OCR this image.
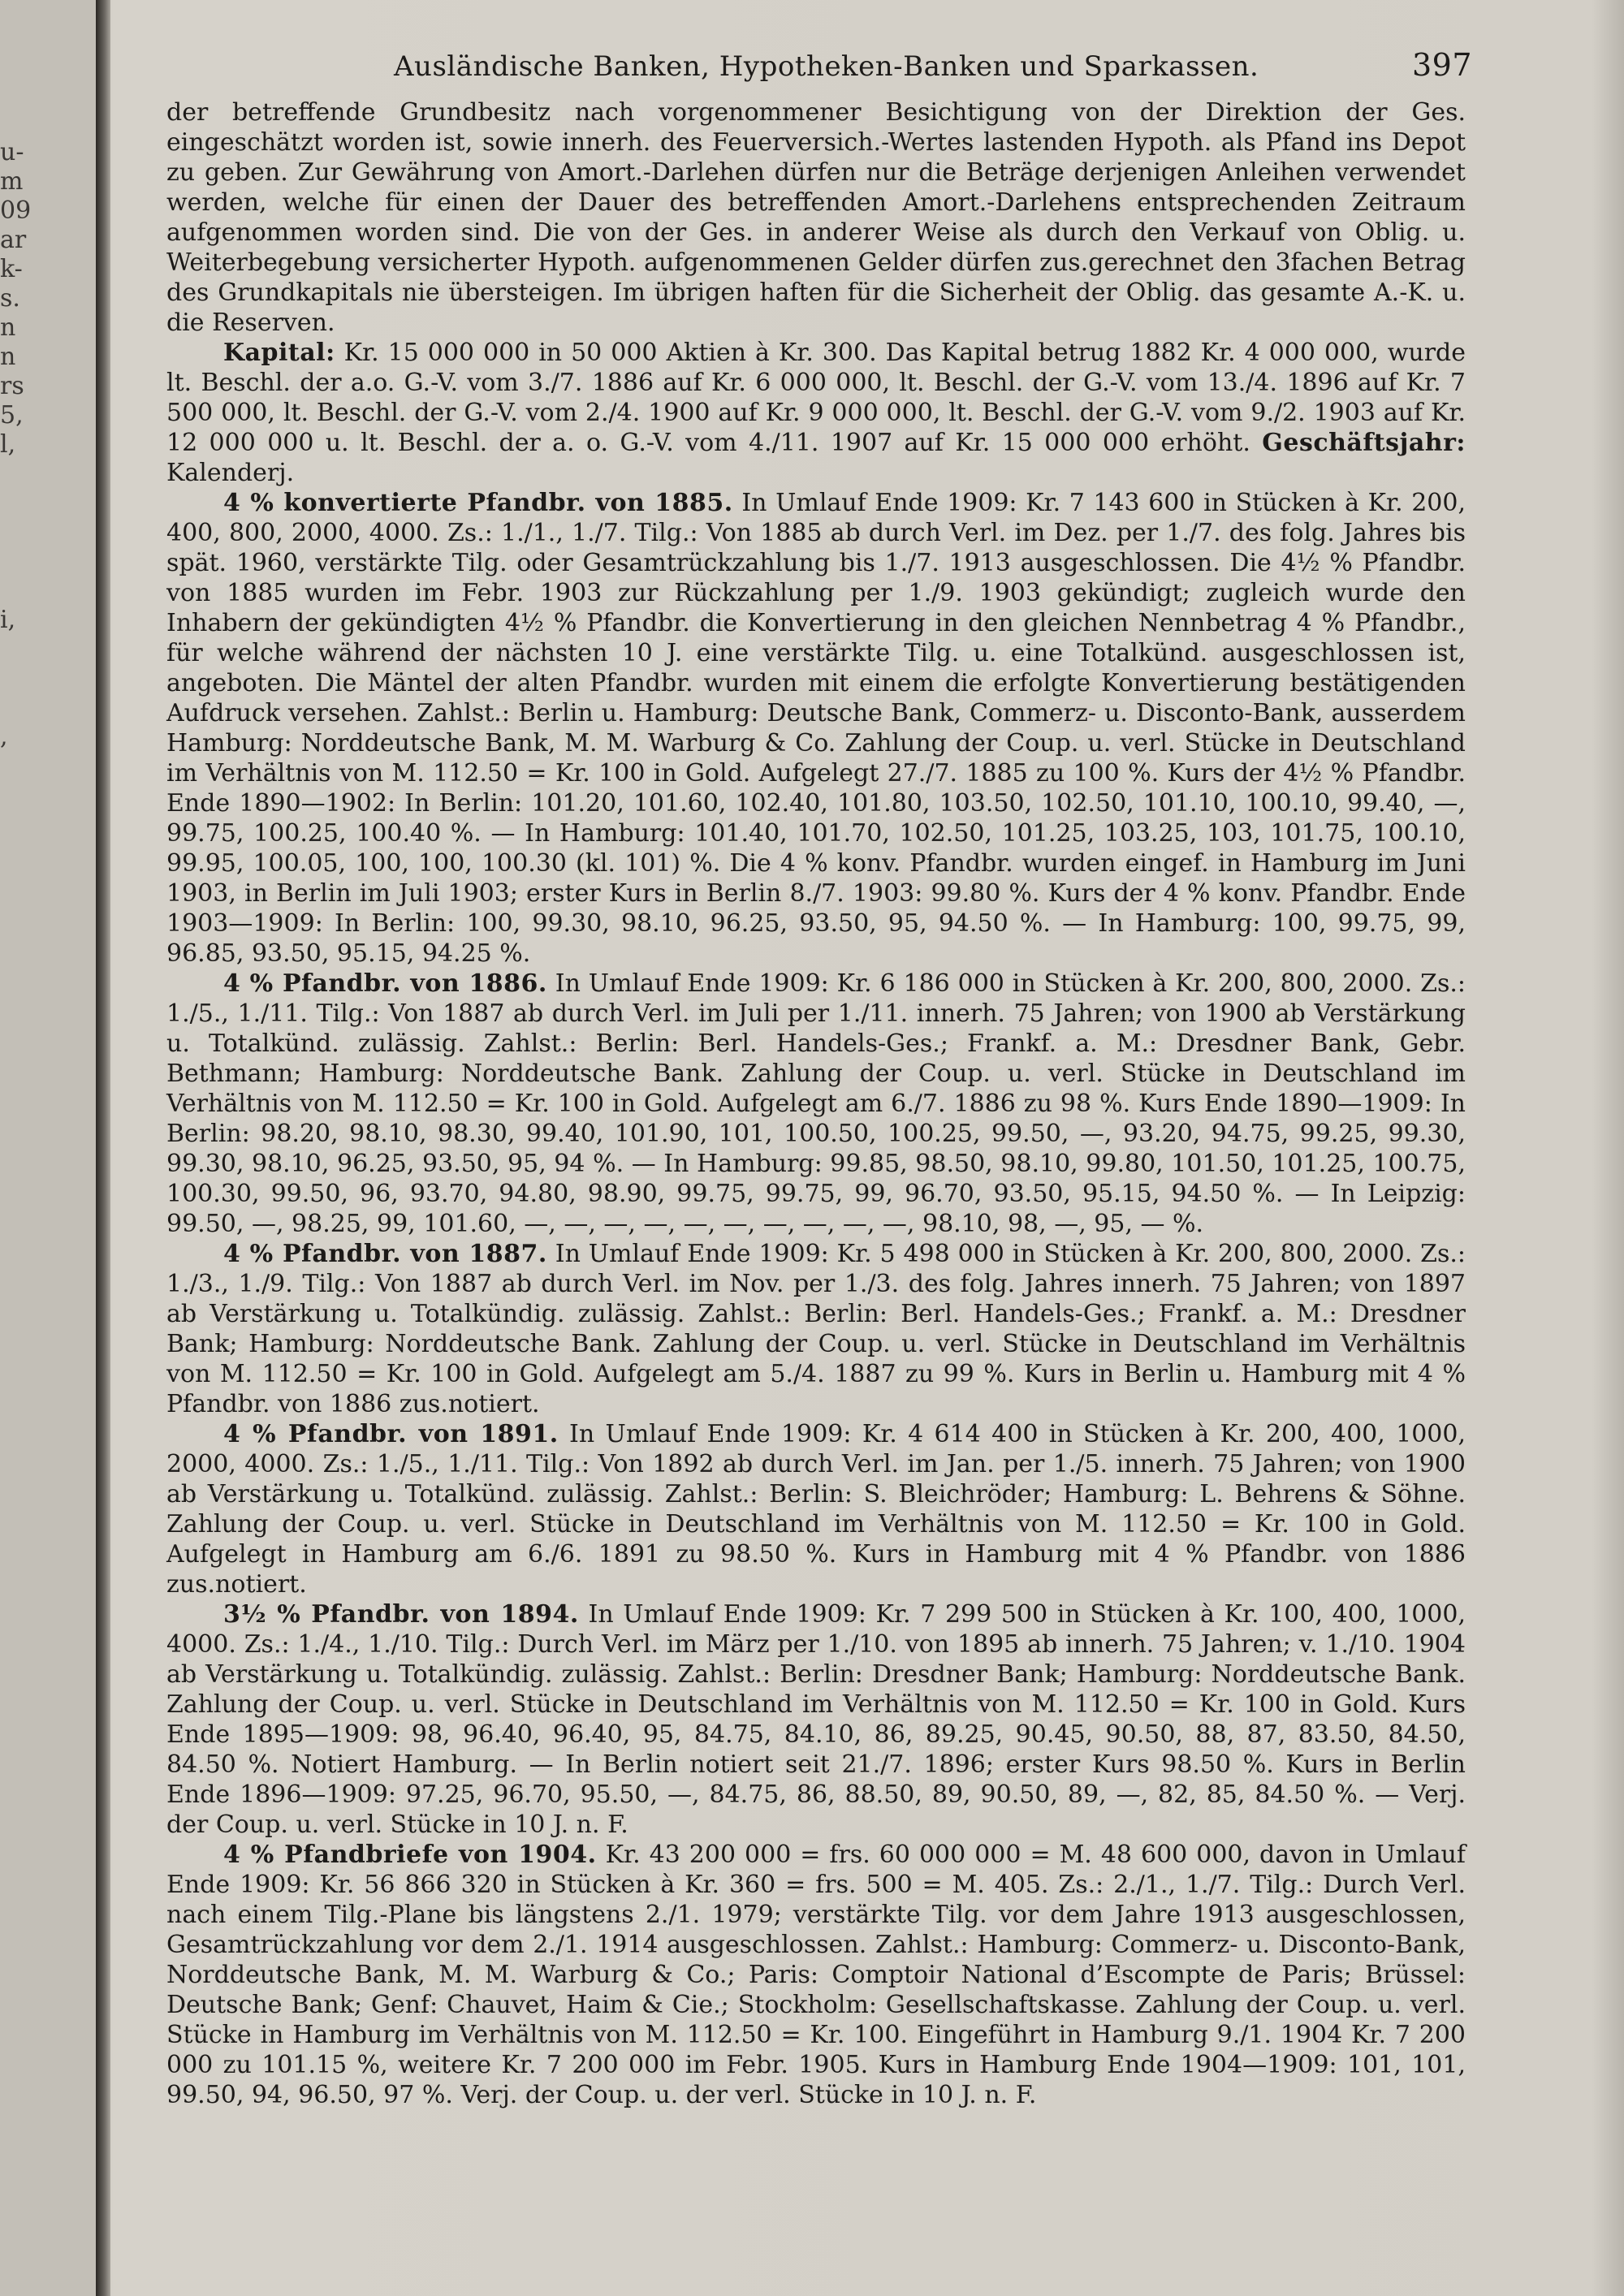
u-
m
09
ar
k-
s.
n
n
rs
5,
l,
i,
,
Ausländische Banken, Hypotheken-Banken und Sparkassen.	397

der betreffende Grundbesitz nach vorgenommener Besichtigung von der Direktion der Ges. eingeschätzt worden ist, sowie innerh. des Feuerversich.-Wertes lastenden Hypoth. als Pfand ins Depot zu geben. Zur Gewährung von Amort.-Darlehen dürfen nur die Beträge derjenigen Anleihen verwendet werden, welche für einen der Dauer des betreffenden Amort.-Darlehens entsprechenden Zeitraum aufgenommen worden sind. Die von der Ges. in anderer Weise als durch den Verkauf von Oblig. u. Weiterbegebung versicherter Hypoth. aufgenommenen Gelder dürfen zus.gerechnet den 3fachen Betrag des Grundkapitals nie übersteigen. Im übrigen haften für die Sicherheit der Oblig. das gesamte A.-K. u. die Reserven.

Kapital: Kr. 15 000 000 in 50 000 Aktien à Kr. 300. Das Kapital betrug 1882 Kr. 4 000 000, wurde lt. Beschl. der a.o. G.-V. vom 3./7. 1886 auf Kr. 6 000 000, lt. Beschl. der G.-V. vom 13./4. 1896 auf Kr. 7 500 000, lt. Beschl. der G.-V. vom 2./4. 1900 auf Kr. 9 000 000, lt. Beschl. der G.-V. vom 9./2. 1903 auf Kr. 12 000 000 u. lt. Beschl. der a. o. G.-V. vom 4./11. 1907 auf Kr. 15 000 000 erhöht. Geschäftsjahr: Kalenderj.

4 % konvertierte Pfandbr. von 1885. In Umlauf Ende 1909: Kr. 7 143 600 in Stücken à Kr. 200, 400, 800, 2000, 4000. Zs.: 1./1., 1./7. Tilg.: Von 1885 ab durch Verl. im Dez. per 1./7. des folg. Jahres bis spät. 1960, verstärkte Tilg. oder Gesamtrückzahlung bis 1./7. 1913 ausgeschlossen. Die 4½ % Pfandbr. von 1885 wurden im Febr. 1903 zur Rückzahlung per 1./9. 1903 gekündigt; zugleich wurde den Inhabern der gekündigten 4½ % Pfandbr. die Konvertierung in den gleichen Nennbetrag 4 % Pfandbr., für welche während der nächsten 10 J. eine verstärkte Tilg. u. eine Totalkünd. ausgeschlossen ist, angeboten. Die Mäntel der alten Pfandbr. wurden mit einem die erfolgte Konvertierung bestätigenden Aufdruck versehen. Zahlst.: Berlin u. Hamburg: Deutsche Bank, Commerz- u. Disconto-Bank, ausserdem Hamburg: Norddeutsche Bank, M. M. Warburg & Co. Zahlung der Coup. u. verl. Stücke in Deutschland im Verhältnis von M. 112.50 = Kr. 100 in Gold. Aufgelegt 27./7. 1885 zu 100 %. Kurs der 4½ % Pfandbr. Ende 1890—1902: In Berlin: 101.20, 101.60, 102.40, 101.80, 103.50, 102.50, 101.10, 100.10, 99.40, —, 99.75, 100.25, 100.40 %. — In Hamburg: 101.40, 101.70, 102.50, 101.25, 103.25, 103, 101.75, 100.10, 99.95, 100.05, 100, 100, 100.30 (kl. 101) %. Die 4 % konv. Pfandbr. wurden eingef. in Hamburg im Juni 1903, in Berlin im Juli 1903; erster Kurs in Berlin 8./7. 1903: 99.80 %. Kurs der 4 % konv. Pfandbr. Ende 1903—1909: In Berlin: 100, 99.30, 98.10, 96.25, 93.50, 95, 94.50 %. — In Hamburg: 100, 99.75, 99, 96.85, 93.50, 95.15, 94.25 %.

4 % Pfandbr. von 1886. In Umlauf Ende 1909: Kr. 6 186 000 in Stücken à Kr. 200, 800, 2000. Zs.: 1./5., 1./11. Tilg.: Von 1887 ab durch Verl. im Juli per 1./11. innerh. 75 Jahren; von 1900 ab Verstärkung u. Totalkünd. zulässig. Zahlst.: Berlin: Berl. Handels-Ges.; Frankf. a. M.: Dresdner Bank, Gebr. Bethmann; Hamburg: Norddeutsche Bank. Zahlung der Coup. u. verl. Stücke in Deutschland im Verhältnis von M. 112.50 = Kr. 100 in Gold. Aufgelegt am 6./7. 1886 zu 98 %. Kurs Ende 1890—1909: In Berlin: 98.20, 98.10, 98.30, 99.40, 101.90, 101, 100.50, 100.25, 99.50, —, 93.20, 94.75, 99.25, 99.30, 99.30, 98.10, 96.25, 93.50, 95, 94 %. — In Hamburg: 99.85, 98.50, 98.10, 99.80, 101.50, 101.25, 100.75, 100.30, 99.50, 96, 93.70, 94.80, 98.90, 99.75, 99.75, 99, 96.70, 93.50, 95.15, 94.50 %. — In Leipzig: 99.50, —, 98.25, 99, 101.60, —, —, —, —, —, —, —, —, —, —, 98.10, 98, —, 95, — %.

4 % Pfandbr. von 1887. In Umlauf Ende 1909: Kr. 5 498 000 in Stücken à Kr. 200, 800, 2000. Zs.: 1./3., 1./9. Tilg.: Von 1887 ab durch Verl. im Nov. per 1./3. des folg. Jahres innerh. 75 Jahren; von 1897 ab Verstärkung u. Totalkündig. zulässig. Zahlst.: Berlin: Berl. Handels-Ges.; Frankf. a. M.: Dresdner Bank; Hamburg: Norddeutsche Bank. Zahlung der Coup. u. verl. Stücke in Deutschland im Verhältnis von M. 112.50 = Kr. 100 in Gold. Aufgelegt am 5./4. 1887 zu 99 %. Kurs in Berlin u. Hamburg mit 4 % Pfandbr. von 1886 zus.notiert.

4 % Pfandbr. von 1891. In Umlauf Ende 1909: Kr. 4 614 400 in Stücken à Kr. 200, 400, 1000, 2000, 4000. Zs.: 1./5., 1./11. Tilg.: Von 1892 ab durch Verl. im Jan. per 1./5. innerh. 75 Jahren; von 1900 ab Verstärkung u. Totalkünd. zulässig. Zahlst.: Berlin: S. Bleichröder; Hamburg: L. Behrens & Söhne. Zahlung der Coup. u. verl. Stücke in Deutschland im Verhältnis von M. 112.50 = Kr. 100 in Gold. Aufgelegt in Hamburg am 6./6. 1891 zu 98.50 %. Kurs in Hamburg mit 4 % Pfandbr. von 1886 zus.notiert.

3½ % Pfandbr. von 1894. In Umlauf Ende 1909: Kr. 7 299 500 in Stücken à Kr. 100, 400, 1000, 4000. Zs.: 1./4., 1./10. Tilg.: Durch Verl. im März per 1./10. von 1895 ab innerh. 75 Jahren; v. 1./10. 1904 ab Verstärkung u. Totalkündig. zulässig. Zahlst.: Berlin: Dresdner Bank; Hamburg: Norddeutsche Bank. Zahlung der Coup. u. verl. Stücke in Deutschland im Verhältnis von M. 112.50 = Kr. 100 in Gold. Kurs Ende 1895—1909: 98, 96.40, 96.40, 95, 84.75, 84.10, 86, 89.25, 90.45, 90.50, 88, 87, 83.50, 84.50, 84.50 %. Notiert Hamburg. — In Berlin notiert seit 21./7. 1896; erster Kurs 98.50 %. Kurs in Berlin Ende 1896—1909: 97.25, 96.70, 95.50, —, 84.75, 86, 88.50, 89, 90.50, 89, —, 82, 85, 84.50 %. — Verj. der Coup. u. verl. Stücke in 10 J. n. F.

4 % Pfandbriefe von 1904. Kr. 43 200 000 = frs. 60 000 000 = M. 48 600 000, davon in Umlauf Ende 1909: Kr. 56 866 320 in Stücken à Kr. 360 = frs. 500 = M. 405. Zs.: 2./1., 1./7. Tilg.: Durch Verl. nach einem Tilg.-Plane bis längstens 2./1. 1979; verstärkte Tilg. vor dem Jahre 1913 ausgeschlossen, Gesamtrückzahlung vor dem 2./1. 1914 ausgeschlossen. Zahlst.: Hamburg: Commerz- u. Disconto-Bank, Norddeutsche Bank, M. M. Warburg & Co.; Paris: Comptoir National d’Escompte de Paris; Brüssel: Deutsche Bank; Genf: Chauvet, Haim & Cie.; Stockholm: Gesellschaftskasse. Zahlung der Coup. u. verl. Stücke in Hamburg im Verhältnis von M. 112.50 = Kr. 100. Eingeführt in Hamburg 9./1. 1904 Kr. 7 200 000 zu 101.15 %, weitere Kr. 7 200 000 im Febr. 1905. Kurs in Hamburg Ende 1904—1909: 101, 101, 99.50, 94, 96.50, 97 %. Verj. der Coup. u. der verl. Stücke in 10 J. n. F.
